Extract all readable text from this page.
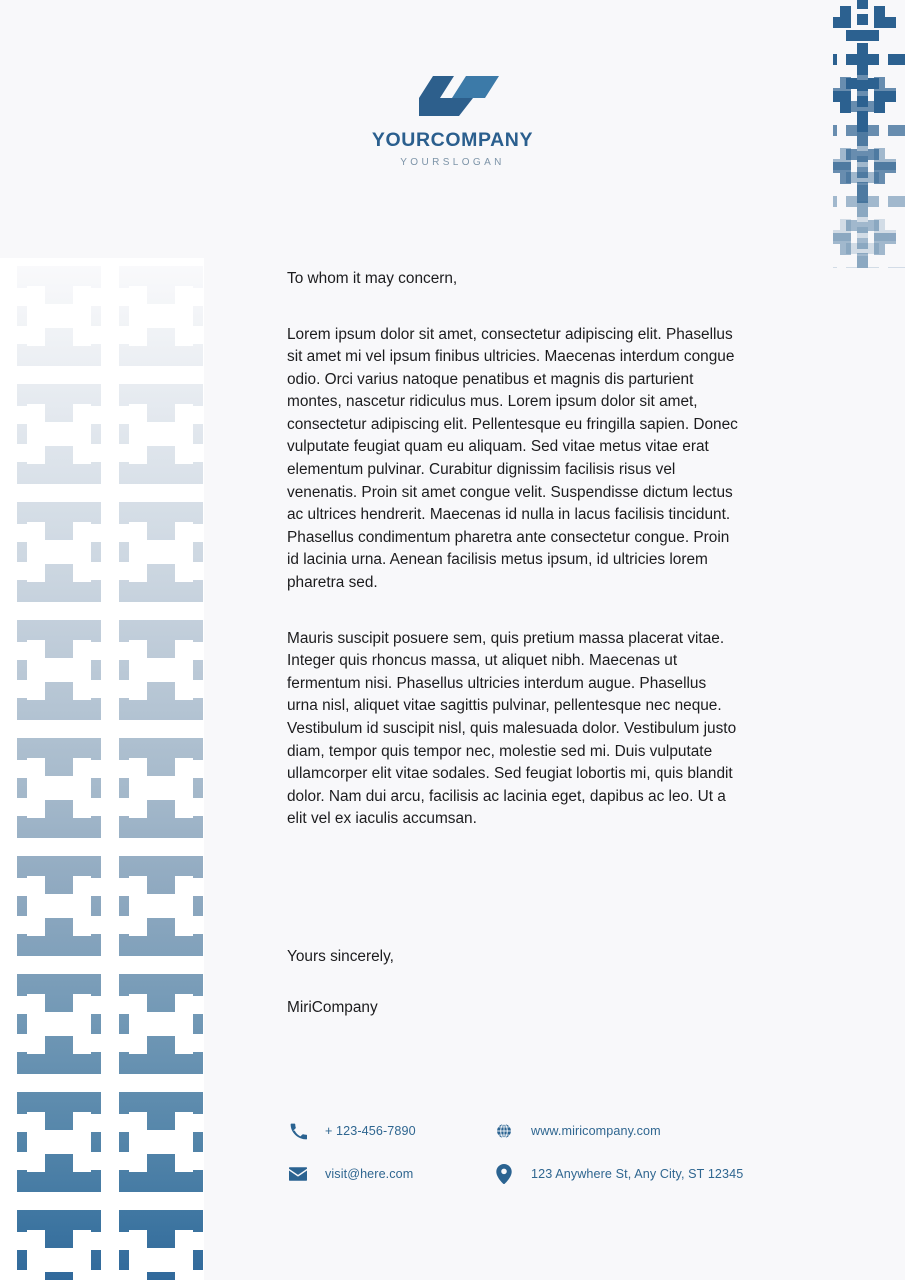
YOURCOMPANY
YOURSLOGAN

To whom it may concern,

Lorem ipsum dolor sit amet, consectetur adipiscing elit. Phasellus sit amet mi vel ipsum finibus ultricies. Maecenas interdum congue odio. Orci varius natoque penatibus et magnis dis parturient montes, nascetur ridiculus mus. Lorem ipsum dolor sit amet, consectetur adipiscing elit. Pellentesque eu fringilla sapien. Donec vulputate feugiat quam eu aliquam. Sed vitae metus vitae erat elementum pulvinar. Curabitur dignissim facilisis risus vel venenatis. Proin sit amet congue velit. Suspendisse dictum lectus ac ultrices hendrerit. Maecenas id nulla in lacus facilisis tincidunt. Phasellus condimentum pharetra ante consectetur congue. Proin id lacinia urna. Aenean facilisis metus ipsum, id ultricies lorem pharetra sed.

Mauris suscipit posuere sem, quis pretium massa placerat vitae. Integer quis rhoncus massa, ut aliquet nibh. Maecenas ut fermentum nisi. Phasellus ultricies interdum augue. Phasellus urna nisl, aliquet vitae sagittis pulvinar, pellentesque nec neque. Vestibulum id suscipit nisl, quis malesuada dolor. Vestibulum justo diam, tempor quis tempor nec, molestie sed mi. Duis vulputate ullamcorper elit vitae sodales. Sed feugiat lobortis mi, quis blandit dolor. Nam dui arcu, facilisis ac lacinia eget, dapibus ac leo. Ut a elit vel ex iaculis accumsan.

Yours sincerely,

MiriCompany

+ 123-456-7890	www.miricompany.com
visit@here.com	123 Anywhere St, Any City, ST 12345
